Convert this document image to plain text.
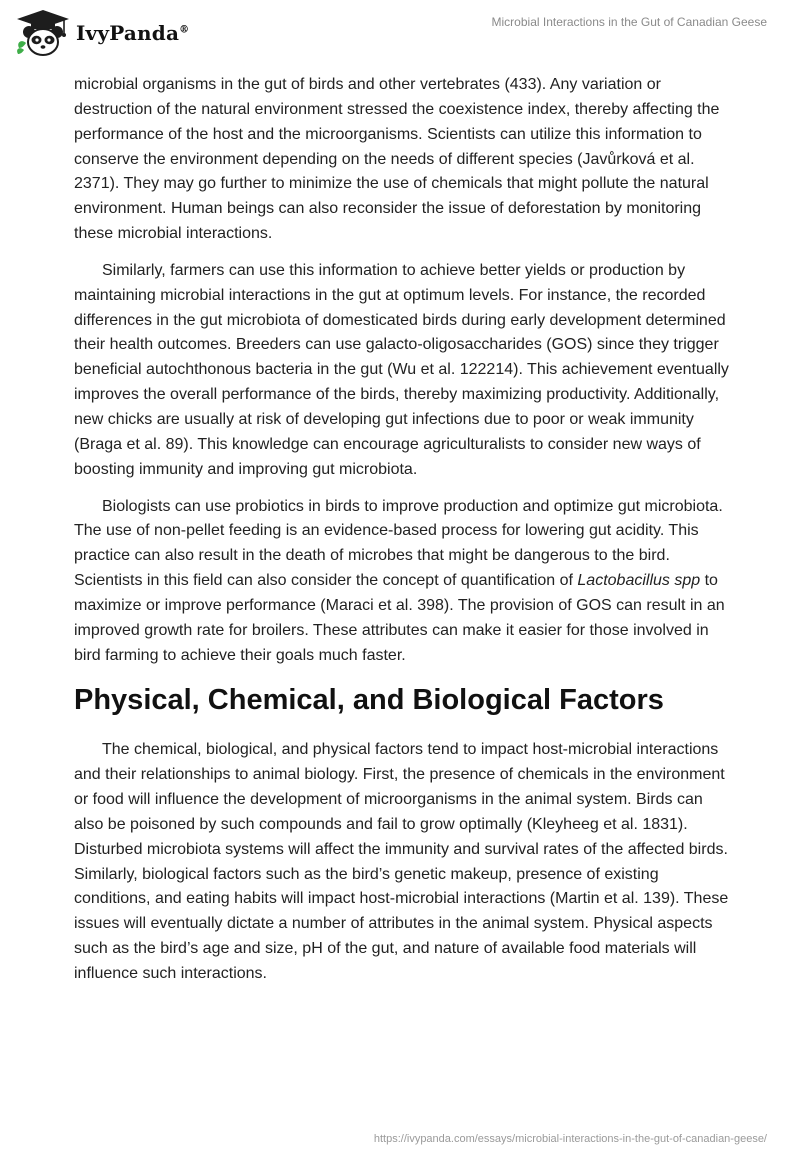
IvyPanda®
Microbial Interactions in the Gut of Canadian Geese

microbial organisms in the gut of birds and other vertebrates (433). Any variation or destruction of the natural environment stressed the coexistence index, thereby affecting the performance of the host and the microorganisms. Scientists can utilize this information to conserve the environment depending on the needs of different species (Javůrková et al. 2371). They may go further to minimize the use of chemicals that might pollute the natural environment. Human beings can also reconsider the issue of deforestation by monitoring these microbial interactions.

Similarly, farmers can use this information to achieve better yields or production by maintaining microbial interactions in the gut at optimum levels. For instance, the recorded differences in the gut microbiota of domesticated birds during early development determined their health outcomes. Breeders can use galacto-oligosaccharides (GOS) since they trigger beneficial autochthonous bacteria in the gut (Wu et al. 122214). This achievement eventually improves the overall performance of the birds, thereby maximizing productivity. Additionally, new chicks are usually at risk of developing gut infections due to poor or weak immunity (Braga et al. 89). This knowledge can encourage agriculturalists to consider new ways of boosting immunity and improving gut microbiota.

Biologists can use probiotics in birds to improve production and optimize gut microbiota. The use of non-pellet feeding is an evidence-based process for lowering gut acidity. This practice can also result in the death of microbes that might be dangerous to the bird. Scientists in this field can also consider the concept of quantification of Lactobacillus spp to maximize or improve performance (Maraci et al. 398). The provision of GOS can result in an improved growth rate for broilers. These attributes can make it easier for those involved in bird farming to achieve their goals much faster.

Physical, Chemical, and Biological Factors

The chemical, biological, and physical factors tend to impact host-microbial interactions and their relationships to animal biology. First, the presence of chemicals in the environment or food will influence the development of microorganisms in the animal system. Birds can also be poisoned by such compounds and fail to grow optimally (Kleyheeg et al. 1831). Disturbed microbiota systems will affect the immunity and survival rates of the affected birds. Similarly, biological factors such as the bird’s genetic makeup, presence of existing conditions, and eating habits will impact host-microbial interactions (Martin et al. 139). These issues will eventually dictate a number of attributes in the animal system. Physical aspects such as the bird’s age and size, pH of the gut, and nature of available food materials will influence such interactions.

https://ivypanda.com/essays/microbial-interactions-in-the-gut-of-canadian-geese/
